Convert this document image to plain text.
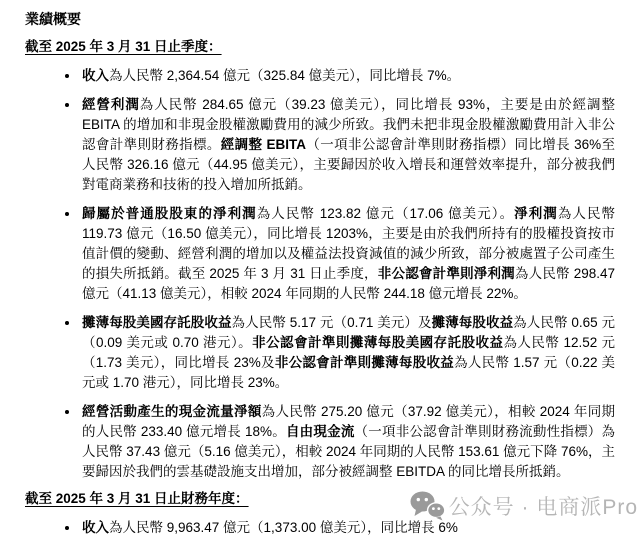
業績概要
截至 2025 年 3 月 31 日止季度：
• 收入為人民幣 2,364.54 億元（325.84 億美元），同比增長 7%。
• 經營利潤為人民幣 284.65 億元（39.23 億美元），同比增長 93%，主要是由於經調整 EBITA 的增加和非現金股權激勵費用的減少所致。我們未把非現金股權激勵費用計入非公認會計準則財務指標。經調整 EBITA（一項非公認會計準則財務指標）同比增長 36%至人民幣 326.16 億元（44.95 億美元），主要歸因於收入增長和運營效率提升，部分被我們對電商業務和技術的投入增加所抵銷。
• 歸屬於普通股股東的淨利潤為人民幣 123.82 億元（17.06 億美元）。淨利潤為人民幣 119.73 億元（16.50 億美元），同比增長 1203%，主要是由於我們所持有的股權投資按市值計價的變動、經營利潤的增加以及權益法投資減值的減少所致，部分被處置子公司產生的損失所抵銷。截至 2025 年 3 月 31 日止季度，非公認會計準則淨利潤為人民幣 298.47 億元（41.13 億美元），相較 2024 年同期的人民幣 244.18 億元增長 22%。
• 攤薄每股美國存託股收益為人民幣 5.17 元（0.71 美元）及攤薄每股收益為人民幣 0.65 元（0.09 美元或 0.70 港元）。非公認會計準則攤薄每股美國存託股收益為人民幣 12.52 元（1.73 美元），同比增長 23%及非公認會計準則攤薄每股收益為人民幣 1.57 元（0.22 美元或 1.70 港元），同比增長 23%。
• 經營活動產生的現金流量淨額為人民幣 275.20 億元（37.92 億美元），相較 2024 年同期的人民幣 233.40 億元增長 18%。自由現金流（一項非公認會計準則財務流動性指標）為人民幣 37.43 億元（5.16 億美元），相較 2024 年同期的人民幣 153.61 億元下降 76%，主要歸因於我們的雲基礎設施支出增加，部分被經調整 EBITDA 的同比增長所抵銷。
截至 2025 年 3 月 31 日止財務年度：
• 收入為人民幣 9,963.47 億元（1,373.00 億美元），同比增長 6%
公众号 · 电商派Pro
